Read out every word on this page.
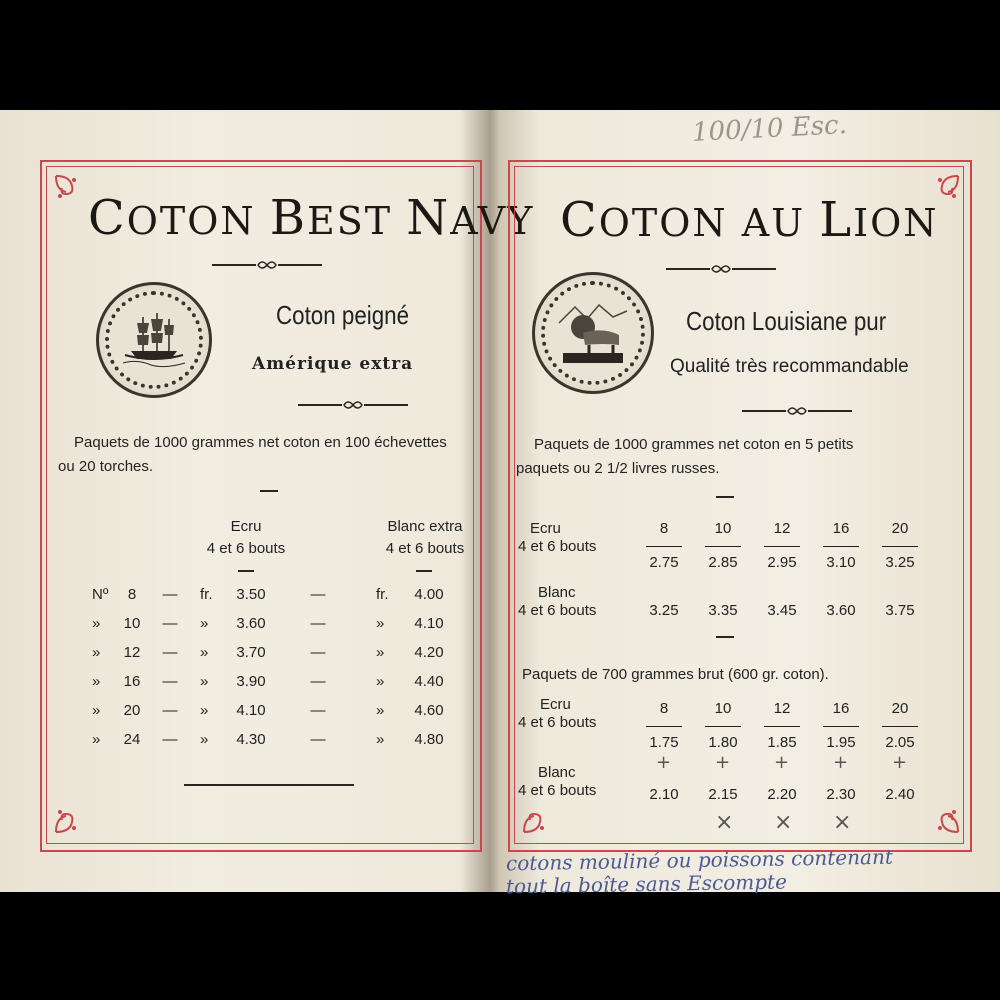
COTON BEST NAVY
Coton peigné
Amérique extra
Paquets de 1000 grammes net coton en 100 échevettes
ou 20 torches.
Ecru
4 et 6 bouts
Blanc extra
4 et 6 bouts
Nº	8	—	fr.	3.50	—	fr.	4.00
»	10	—	»	3.60	—	»	4.10
»	12	—	»	3.70	—	»	4.20
»	16	—	»	3.90	—	»	4.40
»	20	—	»	4.10	—	»	4.60
»	24	—	»	4.30	—	»	4.80
COTON AU LION
Coton Louisiane pur
Qualité très recommandable
Paquets de 1000 grammes net coton en 5 petits
paquets ou 2 1/2 livres russes.
Ecru
4 et 6 bouts
8	10	12	16	20
2.75	2.85	2.95	3.10	3.25
Blanc
4 et 6 bouts	3.25	3.35	3.45	3.60	3.75
Paquets de 700 grammes brut (600 gr. coton).
Ecru
4 et 6 bouts
8	10	12	16	20
1.75	1.80	1.85	1.95	2.05
Blanc
4 et 6 bouts	2.10	2.15	2.20	2.30	2.40
+ + + + +
× × ×
100/10 Esc.
cotons mouliné ou poissons contenant
tout la boîte sans Escompte
